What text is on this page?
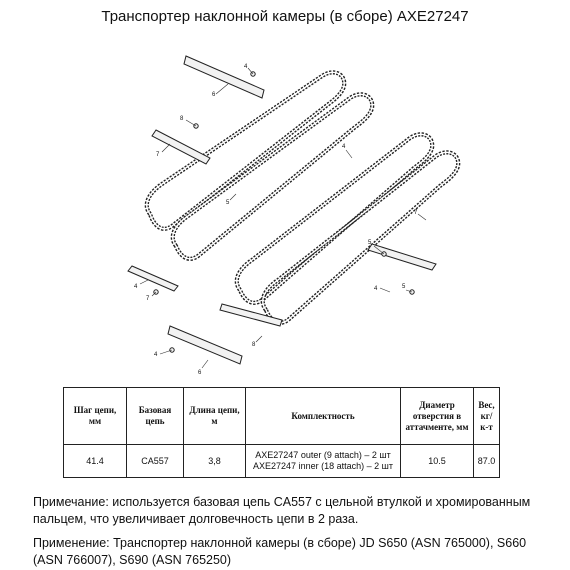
Транспортер наклонной камеры (в сборе) AXE27247
6
4
7
5
8
4
7
4
5
8
7
4
6
4
5
Шаг цепи, мм	Базовая цепь	Длина цепи, м	Комплектность	Диаметр отверстия в аттачменте, мм	Вес, кг/к-т
41.4	CA557	3,8	AXE27247 outer (9 attach) – 2 шт
AXE27247 inner (18 attach) – 2 шт	10.5	87.0
Примечание: используется базовая цепь CA557 с цельной втулкой и хромированным пальцем, что увеличивает долговечность цепи в 2 раза.
Применение: Транспортер наклонной камеры (в сборе) JD S650 (ASN 765000), S660 (ASN 766007), S690 (ASN 765250)
